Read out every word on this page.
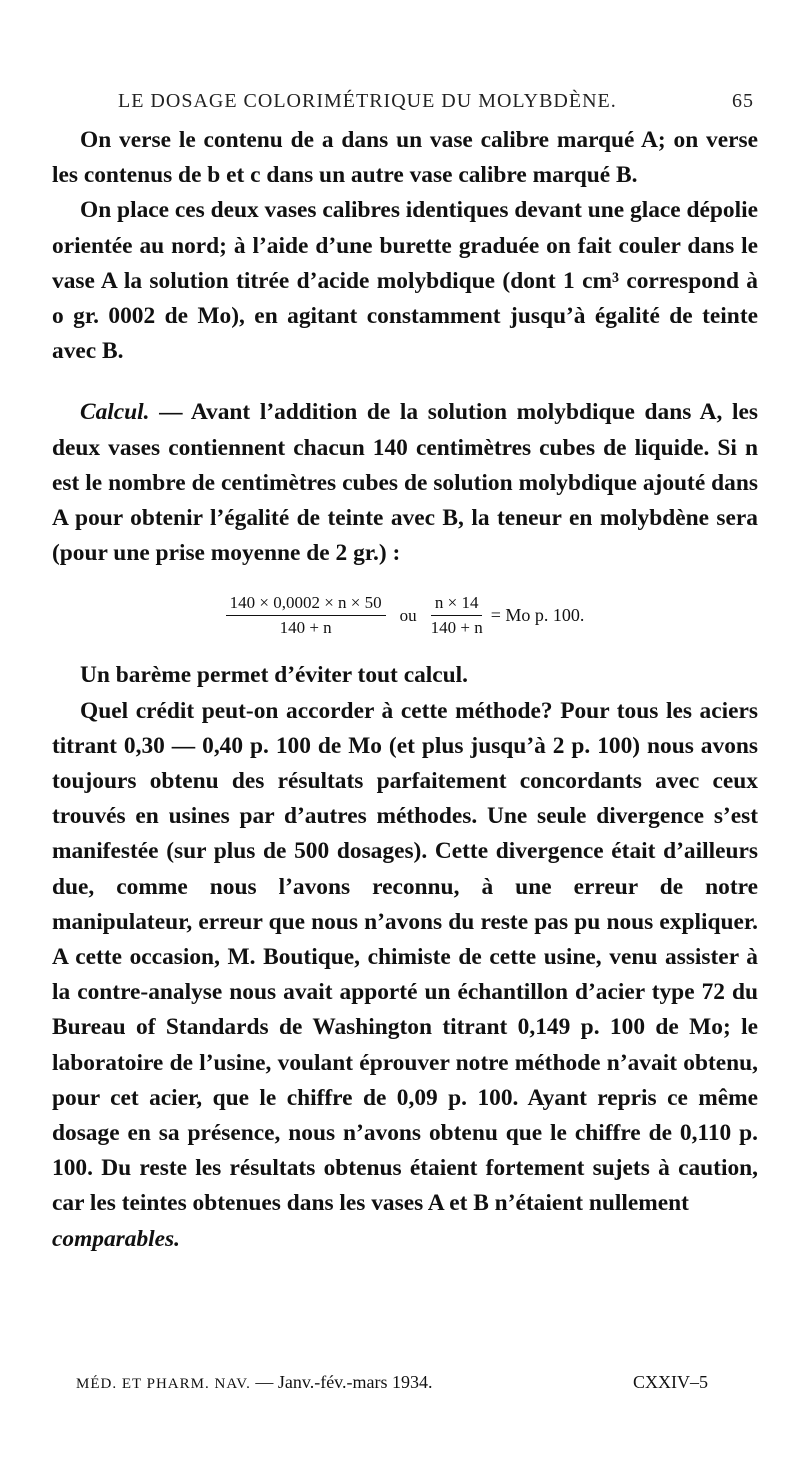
LE DOSAGE COLORIMÉTRIQUE DU MOLYBDÈNE.	65

On verse le contenu de a dans un vase calibre marqué A; on verse les contenus de b et c dans un autre vase calibre marqué B.

On place ces deux vases calibres identiques devant une glace dépolie orientée au nord; à l’aide d’une burette graduée on fait couler dans le vase A la solution titrée d’acide molybdique (dont 1 cm³ correspond à o gr. 0002 de Mo), en agitant constamment jusqu’à égalité de teinte avec B.

Calcul. — Avant l’addition de la solution molybdique dans A, les deux vases contiennent chacun 140 centimètres cubes de liquide. Si n est le nombre de centimètres cubes de solution molybdique ajouté dans A pour obtenir l’égalité de teinte avec B, la teneur en molybdène sera (pour une prise moyenne de 2 gr.) :

$\frac{140 \times 0,0002 \times n \times 50}{140 + n}$ ou $\frac{n \times 14}{140 + n} = Mo$ p. 100.

Un barème permet d’éviter tout calcul.

Quel crédit peut-on accorder à cette méthode? Pour tous les aciers titrant 0,30 — 0,40 p. 100 de Mo (et plus jusqu’à 2 p. 100) nous avons toujours obtenu des résultats parfaitement concordants avec ceux trouvés en usines par d’autres méthodes. Une seule divergence s’est manifestée (sur plus de 500 dosages). Cette divergence était d’ailleurs due, comme nous l’avons reconnu, à une erreur de notre manipulateur, erreur que nous n’avons du reste pas pu nous expliquer. A cette occasion, M. Boutique, chimiste de cette usine, venu assister à la contre-analyse nous avait apporté un échantillon d’acier type 72 du Bureau of Standards de Washington titrant 0,149 p. 100 de Mo; le laboratoire de l’usine, voulant éprouver notre méthode n’avait obtenu, pour cet acier, que le chiffre de 0,09 p. 100. Ayant repris ce même dosage en sa présence, nous n’avons obtenu que le chiffre de 0,110 p. 100. Du reste les résultats obtenus étaient fortement sujets à caution, car les teintes obtenues dans les vases A et B n’étaient nullement

comparables.

MÉD. ET PHARM. NAV. — Janv.-fév.-mars 1934.	CXXIV–5
